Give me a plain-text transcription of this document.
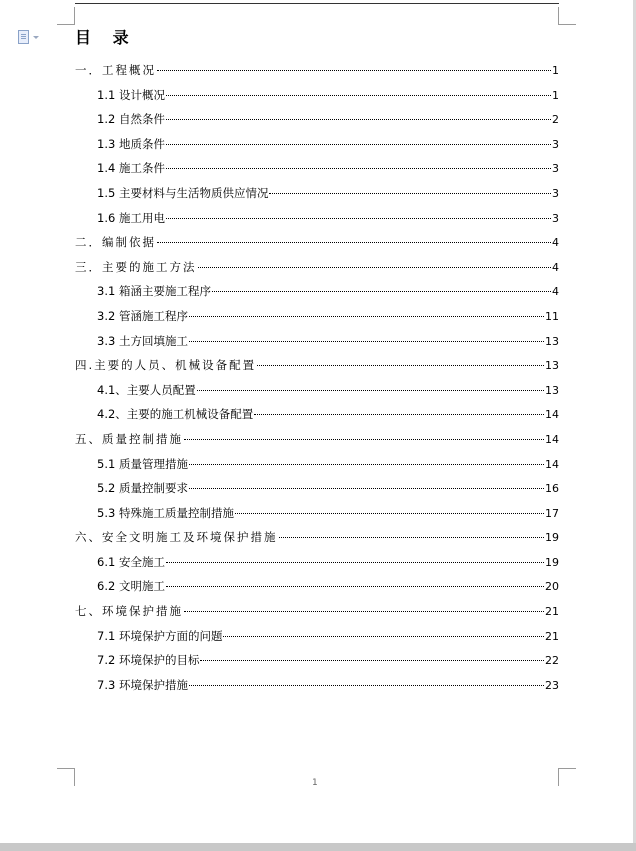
目 录
一．工程概况	1
1.1 设计概况	1
1.2 自然条件	2
1.3 地质条件	3
1.4 施工条件	3
1.5 主要材料与生活物质供应情况	3
1.6 施工用电	3
二．编制依据	4
三．主要的施工方法	4
3.1 箱涵主要施工程序	4
3.2 管涵施工程序	11
3.3 土方回填施工	13
四.主要的人员、机械设备配置	13
4.1、主要人员配置	13
4.2、主要的施工机械设备配置	14
五、质量控制措施	14
5.1 质量管理措施	14
5.2 质量控制要求	16
5.3 特殊施工质量控制措施	17
六、安全文明施工及环境保护措施	19
6.1 安全施工	19
6.2 文明施工	20
七、环境保护措施	21
7.1 环境保护方面的问题	21
7.2 环境保护的目标	22
7.3 环境保护措施	23
1
